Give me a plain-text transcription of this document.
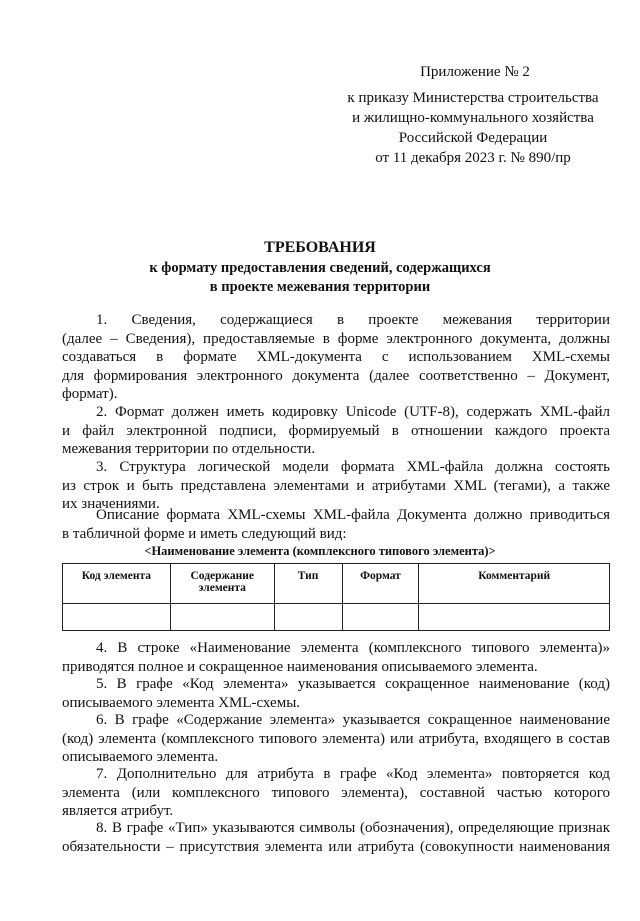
Приложение № 2
к приказу Министерства строительства
и жилищно-коммунального хозяйства
Российской Федерации
от 11 декабря 2023 г. № 890/пр
ТРЕБОВАНИЯ
к формату предоставления сведений, содержащихся
в проекте межевания территории
1. Сведения, содержащиеся в проекте межевания территории
(далее – Сведения), предоставляемые в форме электронного документа, должны
создаваться в формате XML-документа с использованием XML-схемы
для формирования электронного документа (далее соответственно – Документ,
формат).
2. Формат должен иметь кодировку Unicode (UTF-8), содержать XML-файл
и файл электронной подписи, формируемый в отношении каждого проекта
межевания территории по отдельности.
3. Структура логической модели формата XML-файла должна состоять
из строк и быть представлена элементами и атрибутами XML (тегами), а также
их значениями.
Описание формата XML-схемы XML-файла Документа должно приводиться
в табличной форме и иметь следующий вид:
<Наименование элемента (комплексного типового элемента)>
Код элемента	Содержание
элемента	Тип	Формат	Комментарий

4. В строке «Наименование элемента (комплексного типового элемента)»
приводятся полное и сокращенное наименования описываемого элемента.
5. В графе «Код элемента» указывается сокращенное наименование (код)
описываемого элемента XML-схемы.
6. В графе «Содержание элемента» указывается сокращенное наименование
(код) элемента (комплексного типового элемента) или атрибута, входящего в состав
описываемого элемента.
7. Дополнительно для атрибута в графе «Код элемента» повторяется код
элемента (или комплексного типового элемента), составной частью которого
является атрибут.
8. В графе «Тип» указываются символы (обозначения), определяющие признак
обязательности – присутствия элемента или атрибута (совокупности наименования
